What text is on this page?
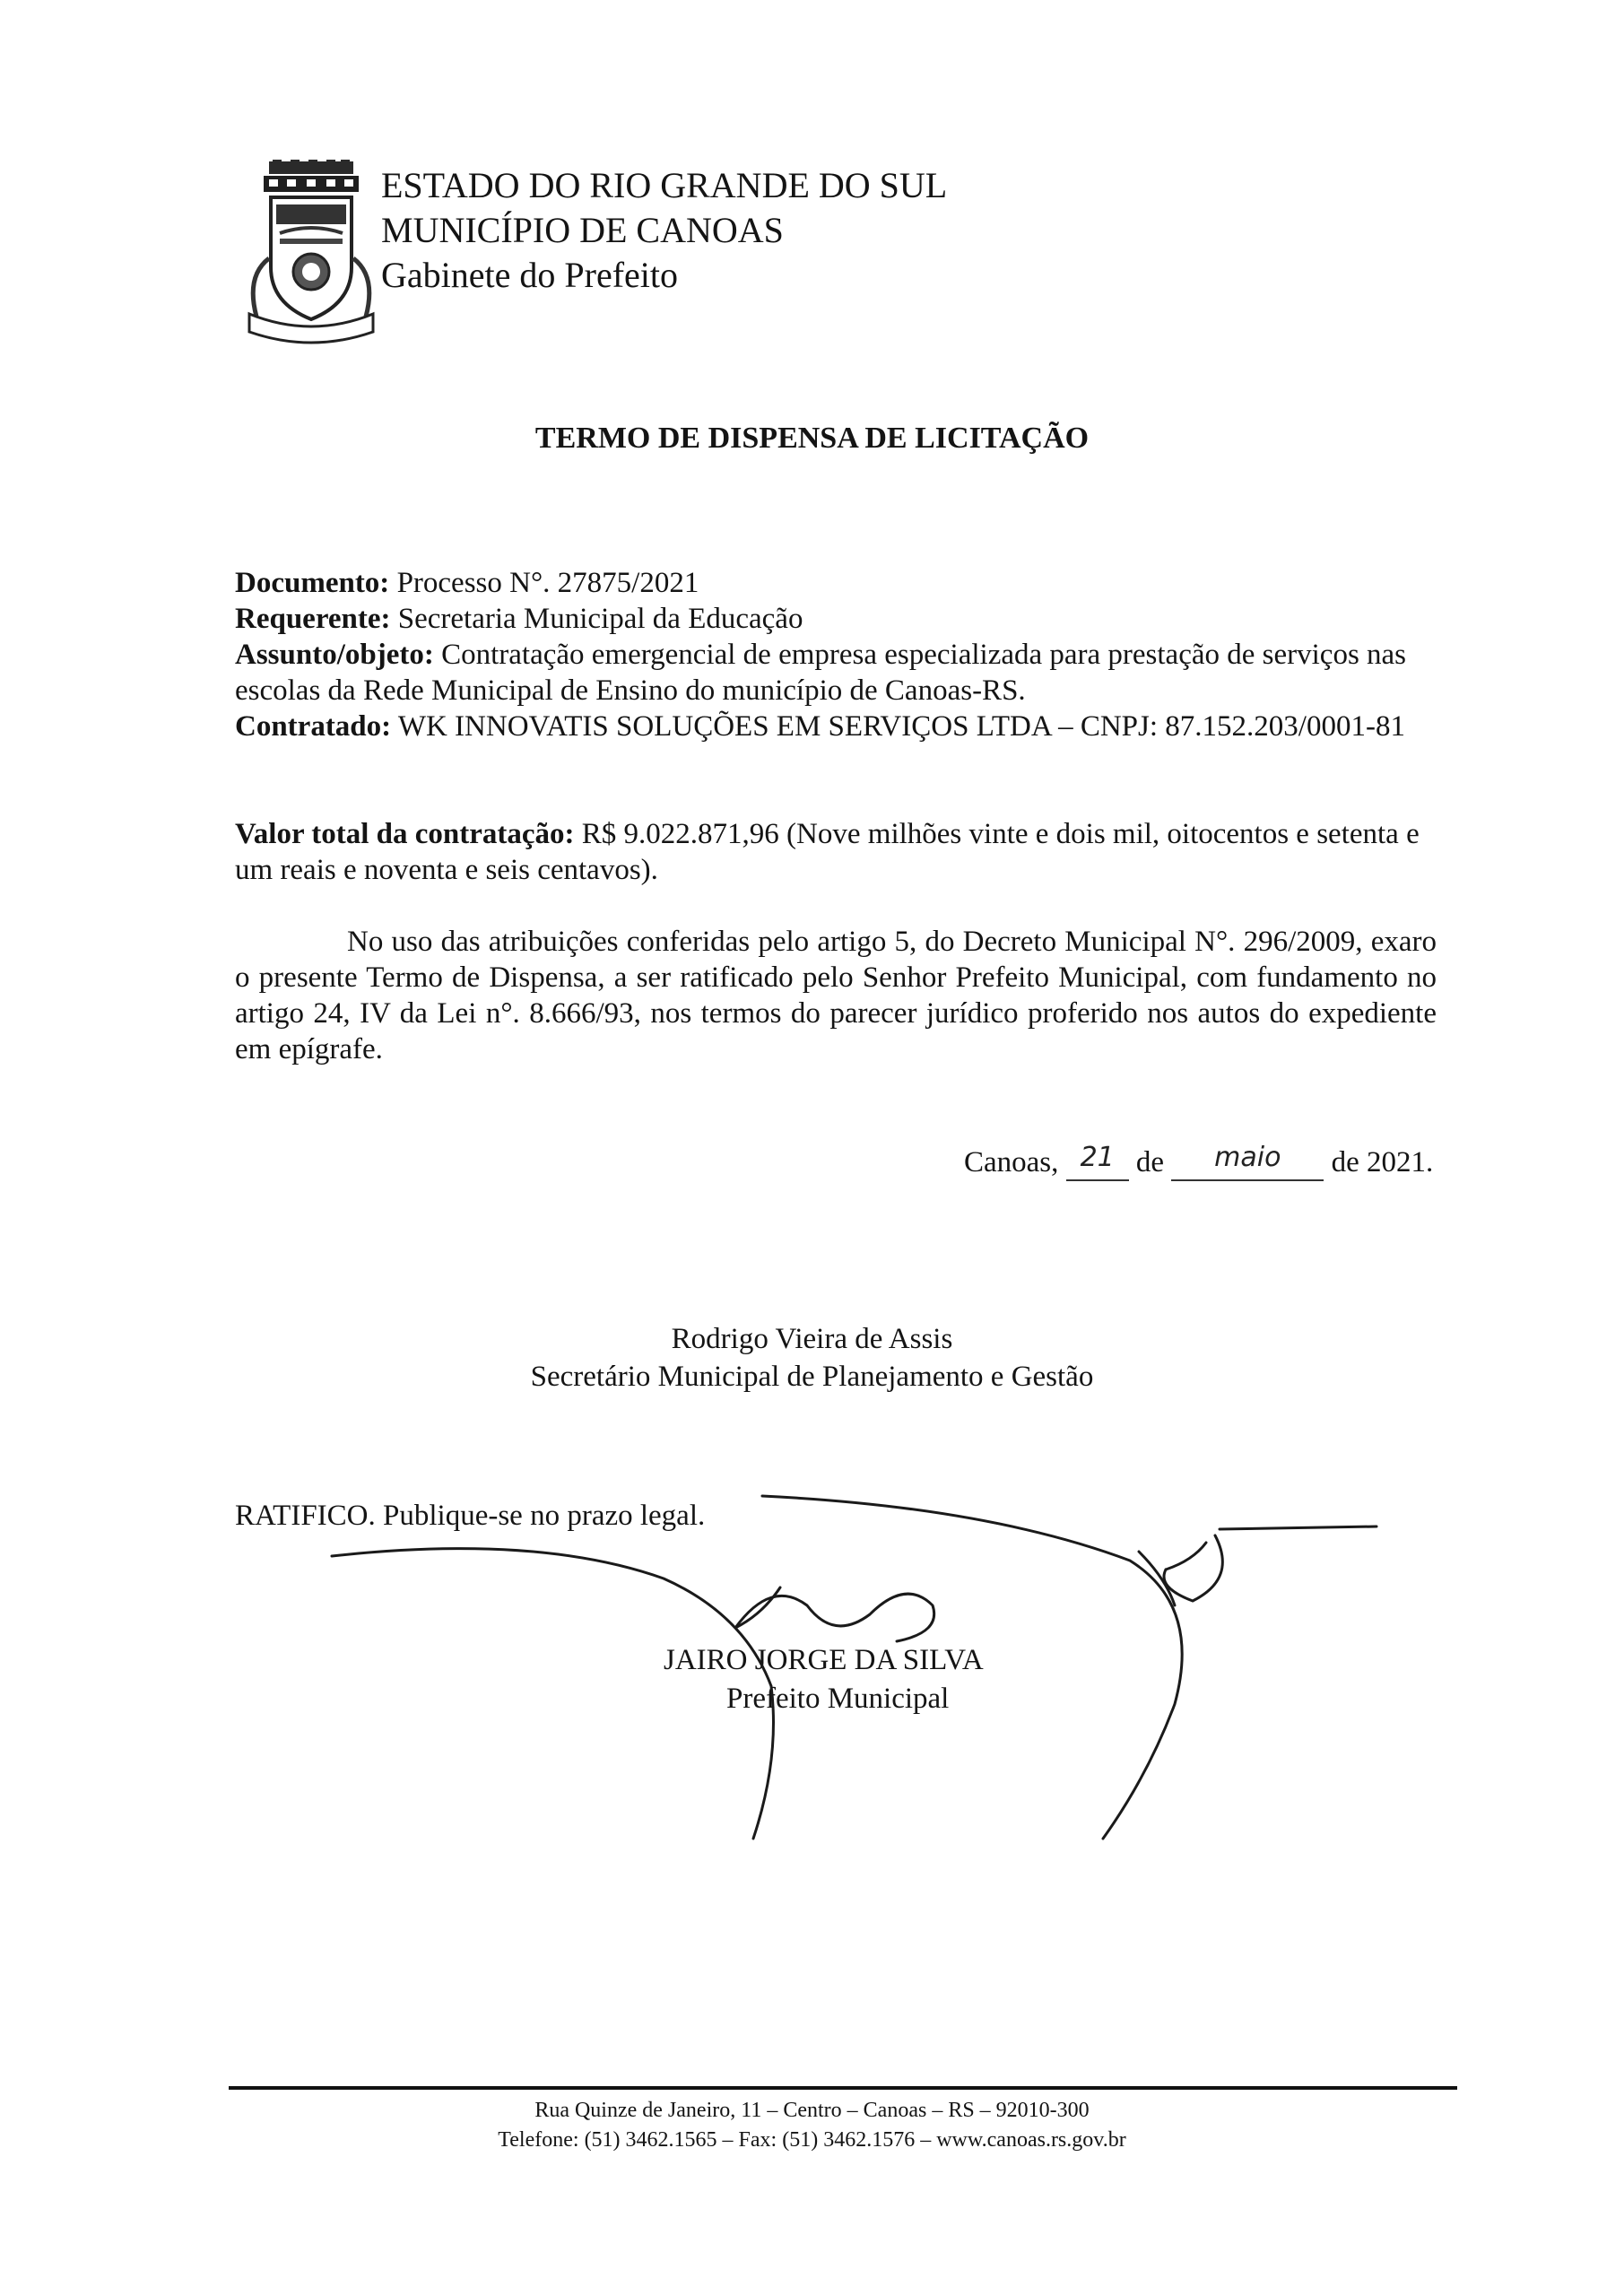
ESTADO DO RIO GRANDE DO SUL
MUNICÍPIO DE CANOAS
Gabinete do Prefeito
TERMO DE DISPENSA DE LICITAÇÃO
Documento: Processo N°. 27875/2021
Requerente: Secretaria Municipal da Educação
Assunto/objeto: Contratação emergencial de empresa especializada para prestação de serviços nas escolas da Rede Municipal de Ensino do município de Canoas-RS.
Contratado: WK INNOVATIS SOLUÇÕES EM SERVIÇOS LTDA – CNPJ: 87.152.203/0001-81
Valor total da contratação: R$ 9.022.871,96 (Nove milhões vinte e dois mil, oitocentos e setenta e um reais e noventa e seis centavos).
No uso das atribuições conferidas pelo artigo 5, do Decreto Municipal N°. 296/2009, exaro o presente Termo de Dispensa, a ser ratificado pelo Senhor Prefeito Municipal, com fundamento no artigo 24, IV da Lei n°. 8.666/93, nos termos do parecer jurídico proferido nos autos do expediente em epígrafe.
Canoas, 21 de maio de 2021.
Rodrigo Vieira de Assis
Secretário Municipal de Planejamento e Gestão
RATIFICO. Publique-se no prazo legal.
JAIRO JORGE DA SILVA
Prefeito Municipal
Rua Quinze de Janeiro, 11 – Centro – Canoas – RS – 92010-300
Telefone: (51) 3462.1565 – Fax: (51) 3462.1576 – www.canoas.rs.gov.br
